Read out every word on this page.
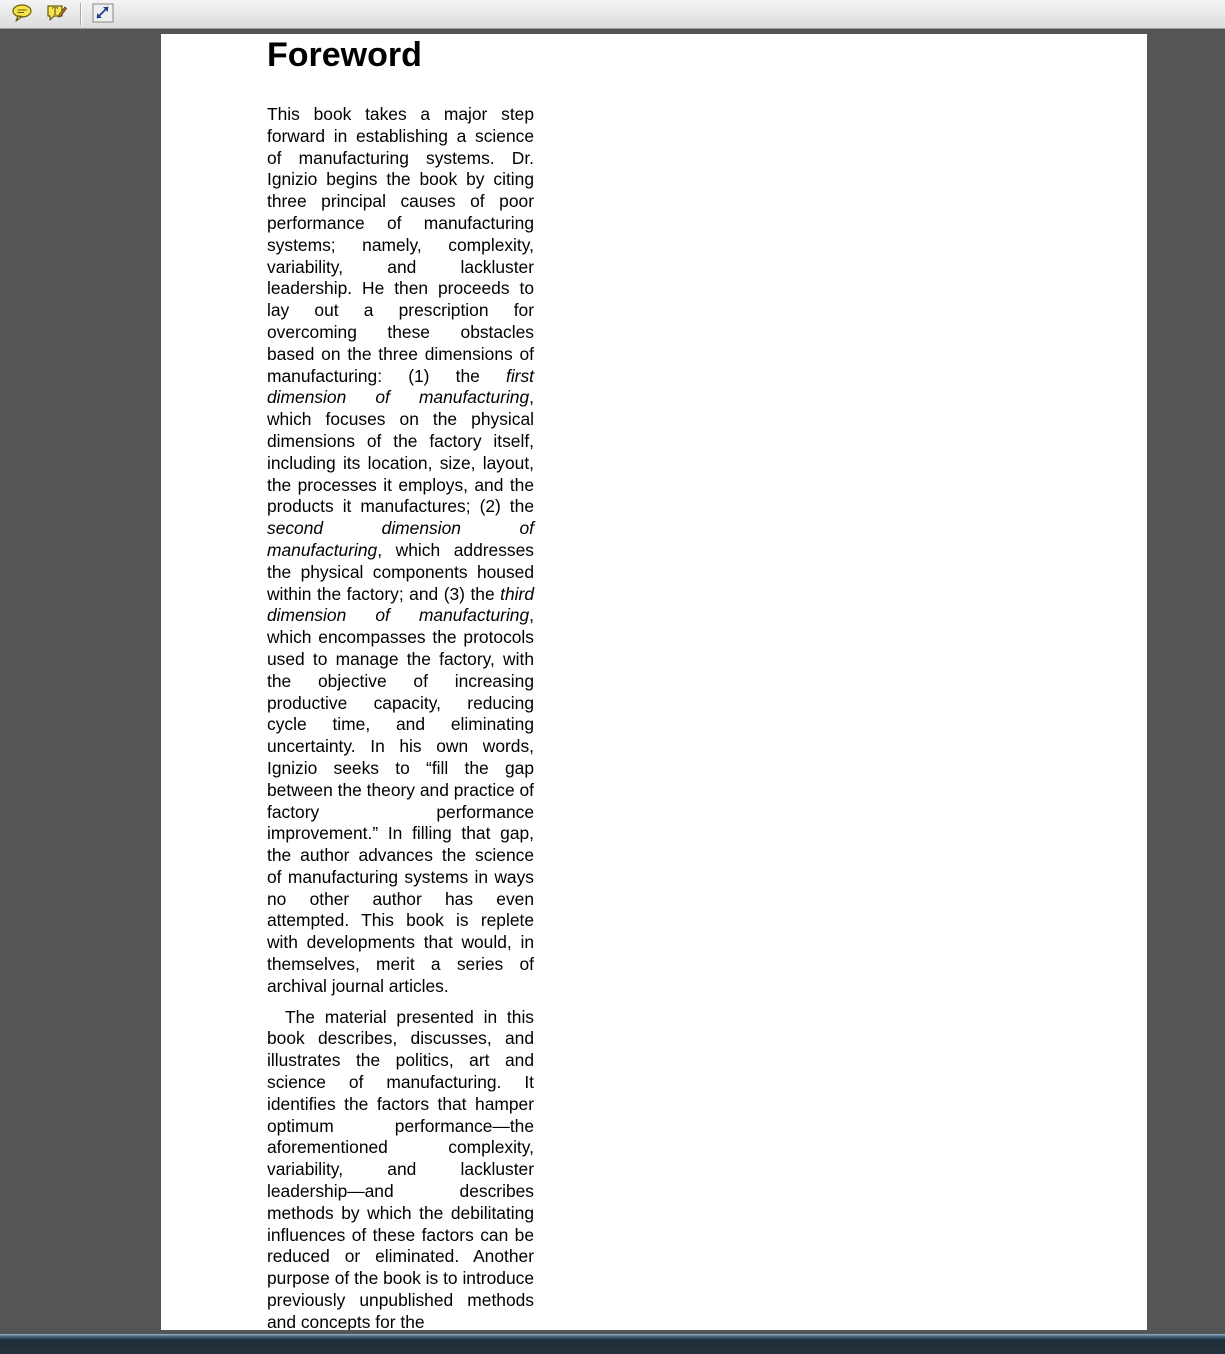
T
Foreword

This book takes a major step forward in establishing a science of manufacturing systems. Dr. Ignizio begins the book by citing three principal causes of poor performance of manufacturing systems; namely, complexity, variability, and lackluster leadership. He then proceeds to lay out a prescription for overcoming these obstacles based on the three dimensions of manufacturing: (1) the first dimension of manufacturing, which focuses on the physical dimensions of the factory itself, including its location, size, layout, the processes it employs, and the products it manufactures; (2) the second dimension of manufacturing, which addresses the physical components housed within the factory; and (3) the third dimension of manufacturing, which encompasses the protocols used to manage the factory, with the objective of increasing productive capacity, reducing cycle time, and eliminating uncertainty. In his own words, Ignizio seeks to “fill the gap between the theory and practice of factory performance improvement.” In filling that gap, the author advances the science of manufacturing systems in ways no other author has even attempted. This book is replete with developments that would, in themselves, merit a series of archival journal articles.

The material presented in this book describes, discusses, and illustrates the politics, art and science of manufacturing. It identifies the factors that hamper optimum performance—the aforementioned complexity, variability, and lackluster leadership—and describes methods by which the debilitating influences of these factors can be reduced or eliminated. Another purpose of the book is to introduce previously unpublished methods and concepts for the
